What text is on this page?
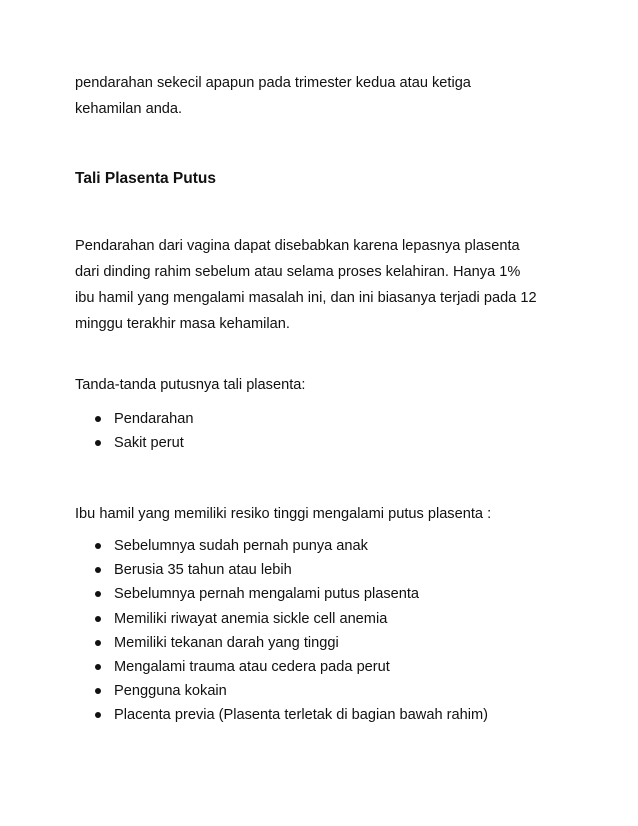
pendarahan sekecil apapun pada trimester kedua atau ketiga

kehamilan anda.

Tali Plasenta Putus

Pendarahan dari vagina dapat disebabkan karena lepasnya plasenta

dari dinding rahim sebelum atau selama proses kelahiran. Hanya 1%

ibu hamil yang mengalami masalah ini, dan ini biasanya terjadi pada 12

minggu terakhir masa kehamilan.

Tanda-tanda putusnya tali plasenta:

Pendarahan
Sakit perut

Ibu hamil yang memiliki resiko tinggi mengalami putus plasenta :

Sebelumnya sudah pernah punya anak
Berusia 35 tahun atau lebih
Sebelumnya pernah mengalami putus plasenta
Memiliki riwayat anemia sickle cell anemia
Memiliki tekanan darah yang tinggi
Mengalami trauma atau cedera pada perut
Pengguna kokain
Placenta previa (Plasenta terletak di bagian bawah rahim)
